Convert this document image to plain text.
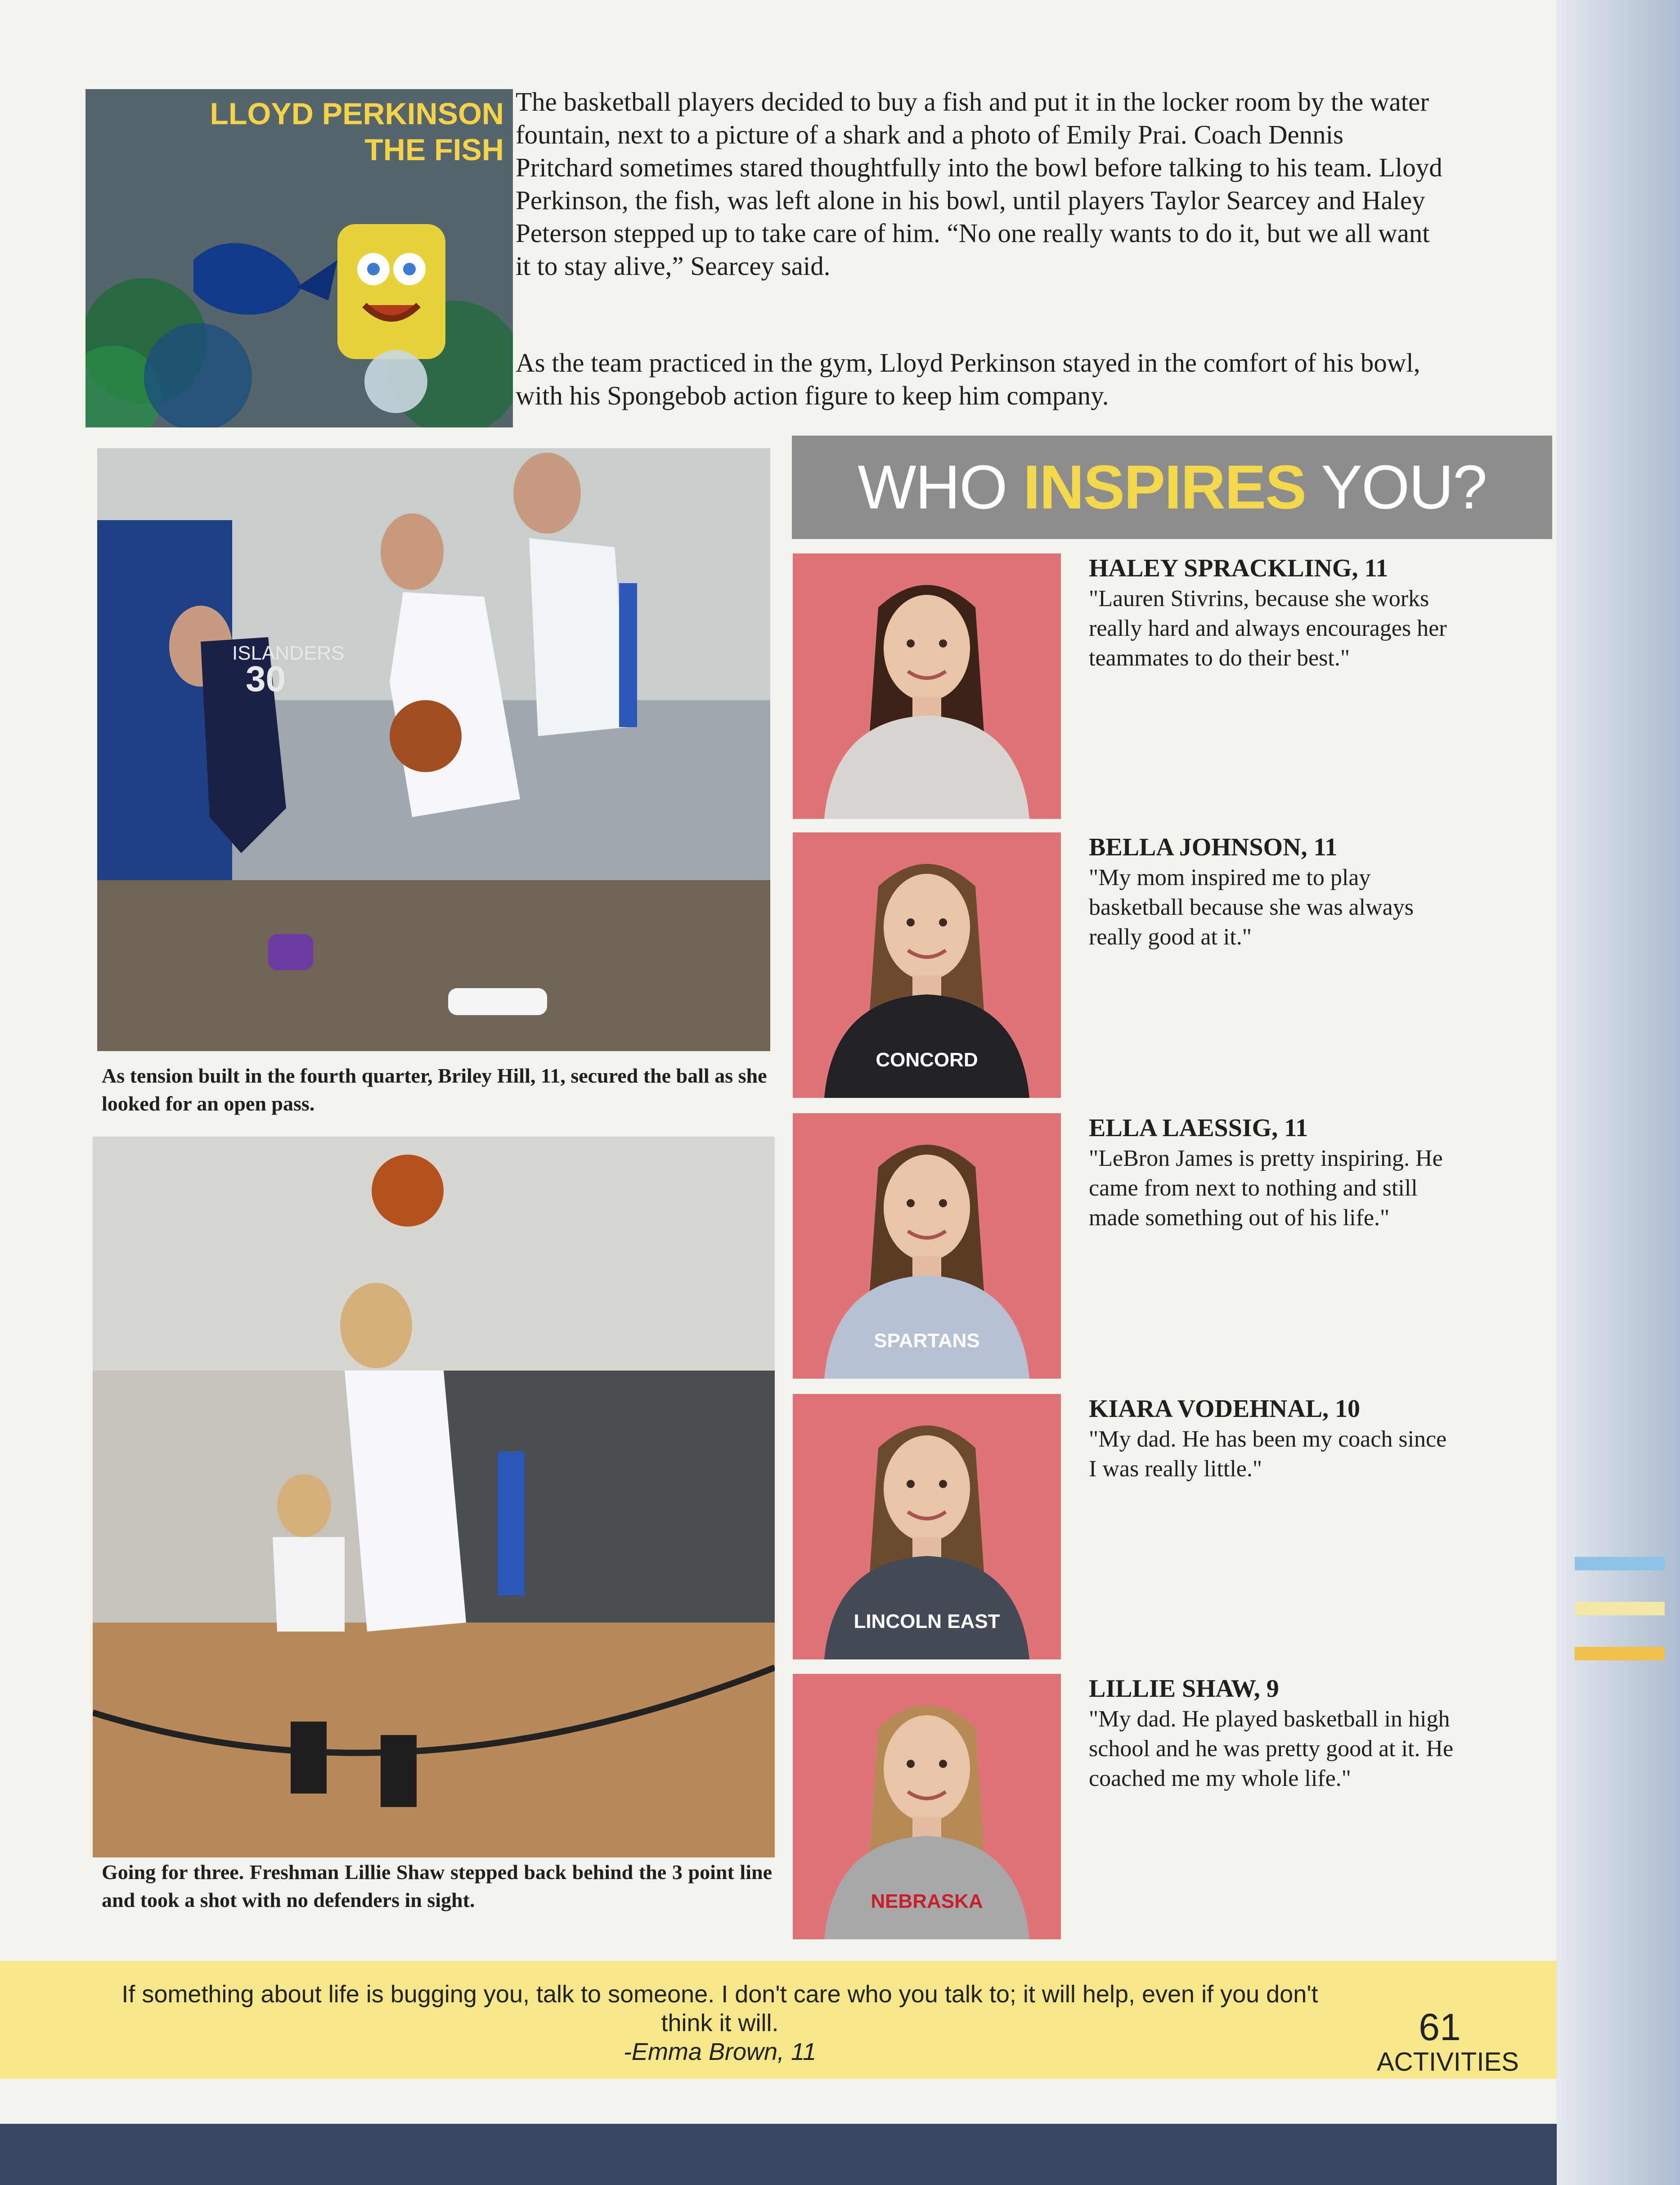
LLOYD PERKINSON
THE FISH
The basketball players decided to buy a fish and put it in the locker room by the water fountain, next to a picture of a shark and a photo of Emily Prai. Coach Dennis Pritchard sometimes stared thoughtfully into the bowl before talking to his team. Lloyd Perkinson, the fish, was left alone in his bowl, until players Taylor Searcey and Haley Peterson stepped up to take care of him. “No one really wants to do it, but we all want it to stay alive,” Searcey said.
As the team practiced in the gym, Lloyd Perkinson stayed in the comfort of his bowl, with his Spongebob action figure to keep him company.
ISLANDERS
30
As tension built in the fourth quarter, Briley Hill, 11, secured the ball as she looked for an open pass.
Going for three. Freshman Lillie Shaw stepped back behind the 3 point line and took a shot with no defenders in sight.
WHO INSPIRES YOU?
HALEY SPRACKLING, 11
"Lauren Stivrins, because she works really hard and always encourages her teammates to do their best."
CONCORD
BELLA JOHNSON, 11
"My mom inspired me to play basketball because she was always really good at it."
SPARTANS
ELLA LAESSIG, 11
"LeBron James is pretty inspiring. He came from next to nothing and still made something out of his life."
LINCOLN EAST
KIARA VODEHNAL, 10
"My dad. He has been my coach since I was really little."
NEBRASKA
LILLIE SHAW, 9
"My dad. He played basketball in high school and he was pretty good at it. He coached me my whole life."
If something about life is bugging you, talk to someone. I don't care who you talk to; it will help, even if you don't think it will.
-Emma Brown, 11
61
ACTIVITIES
